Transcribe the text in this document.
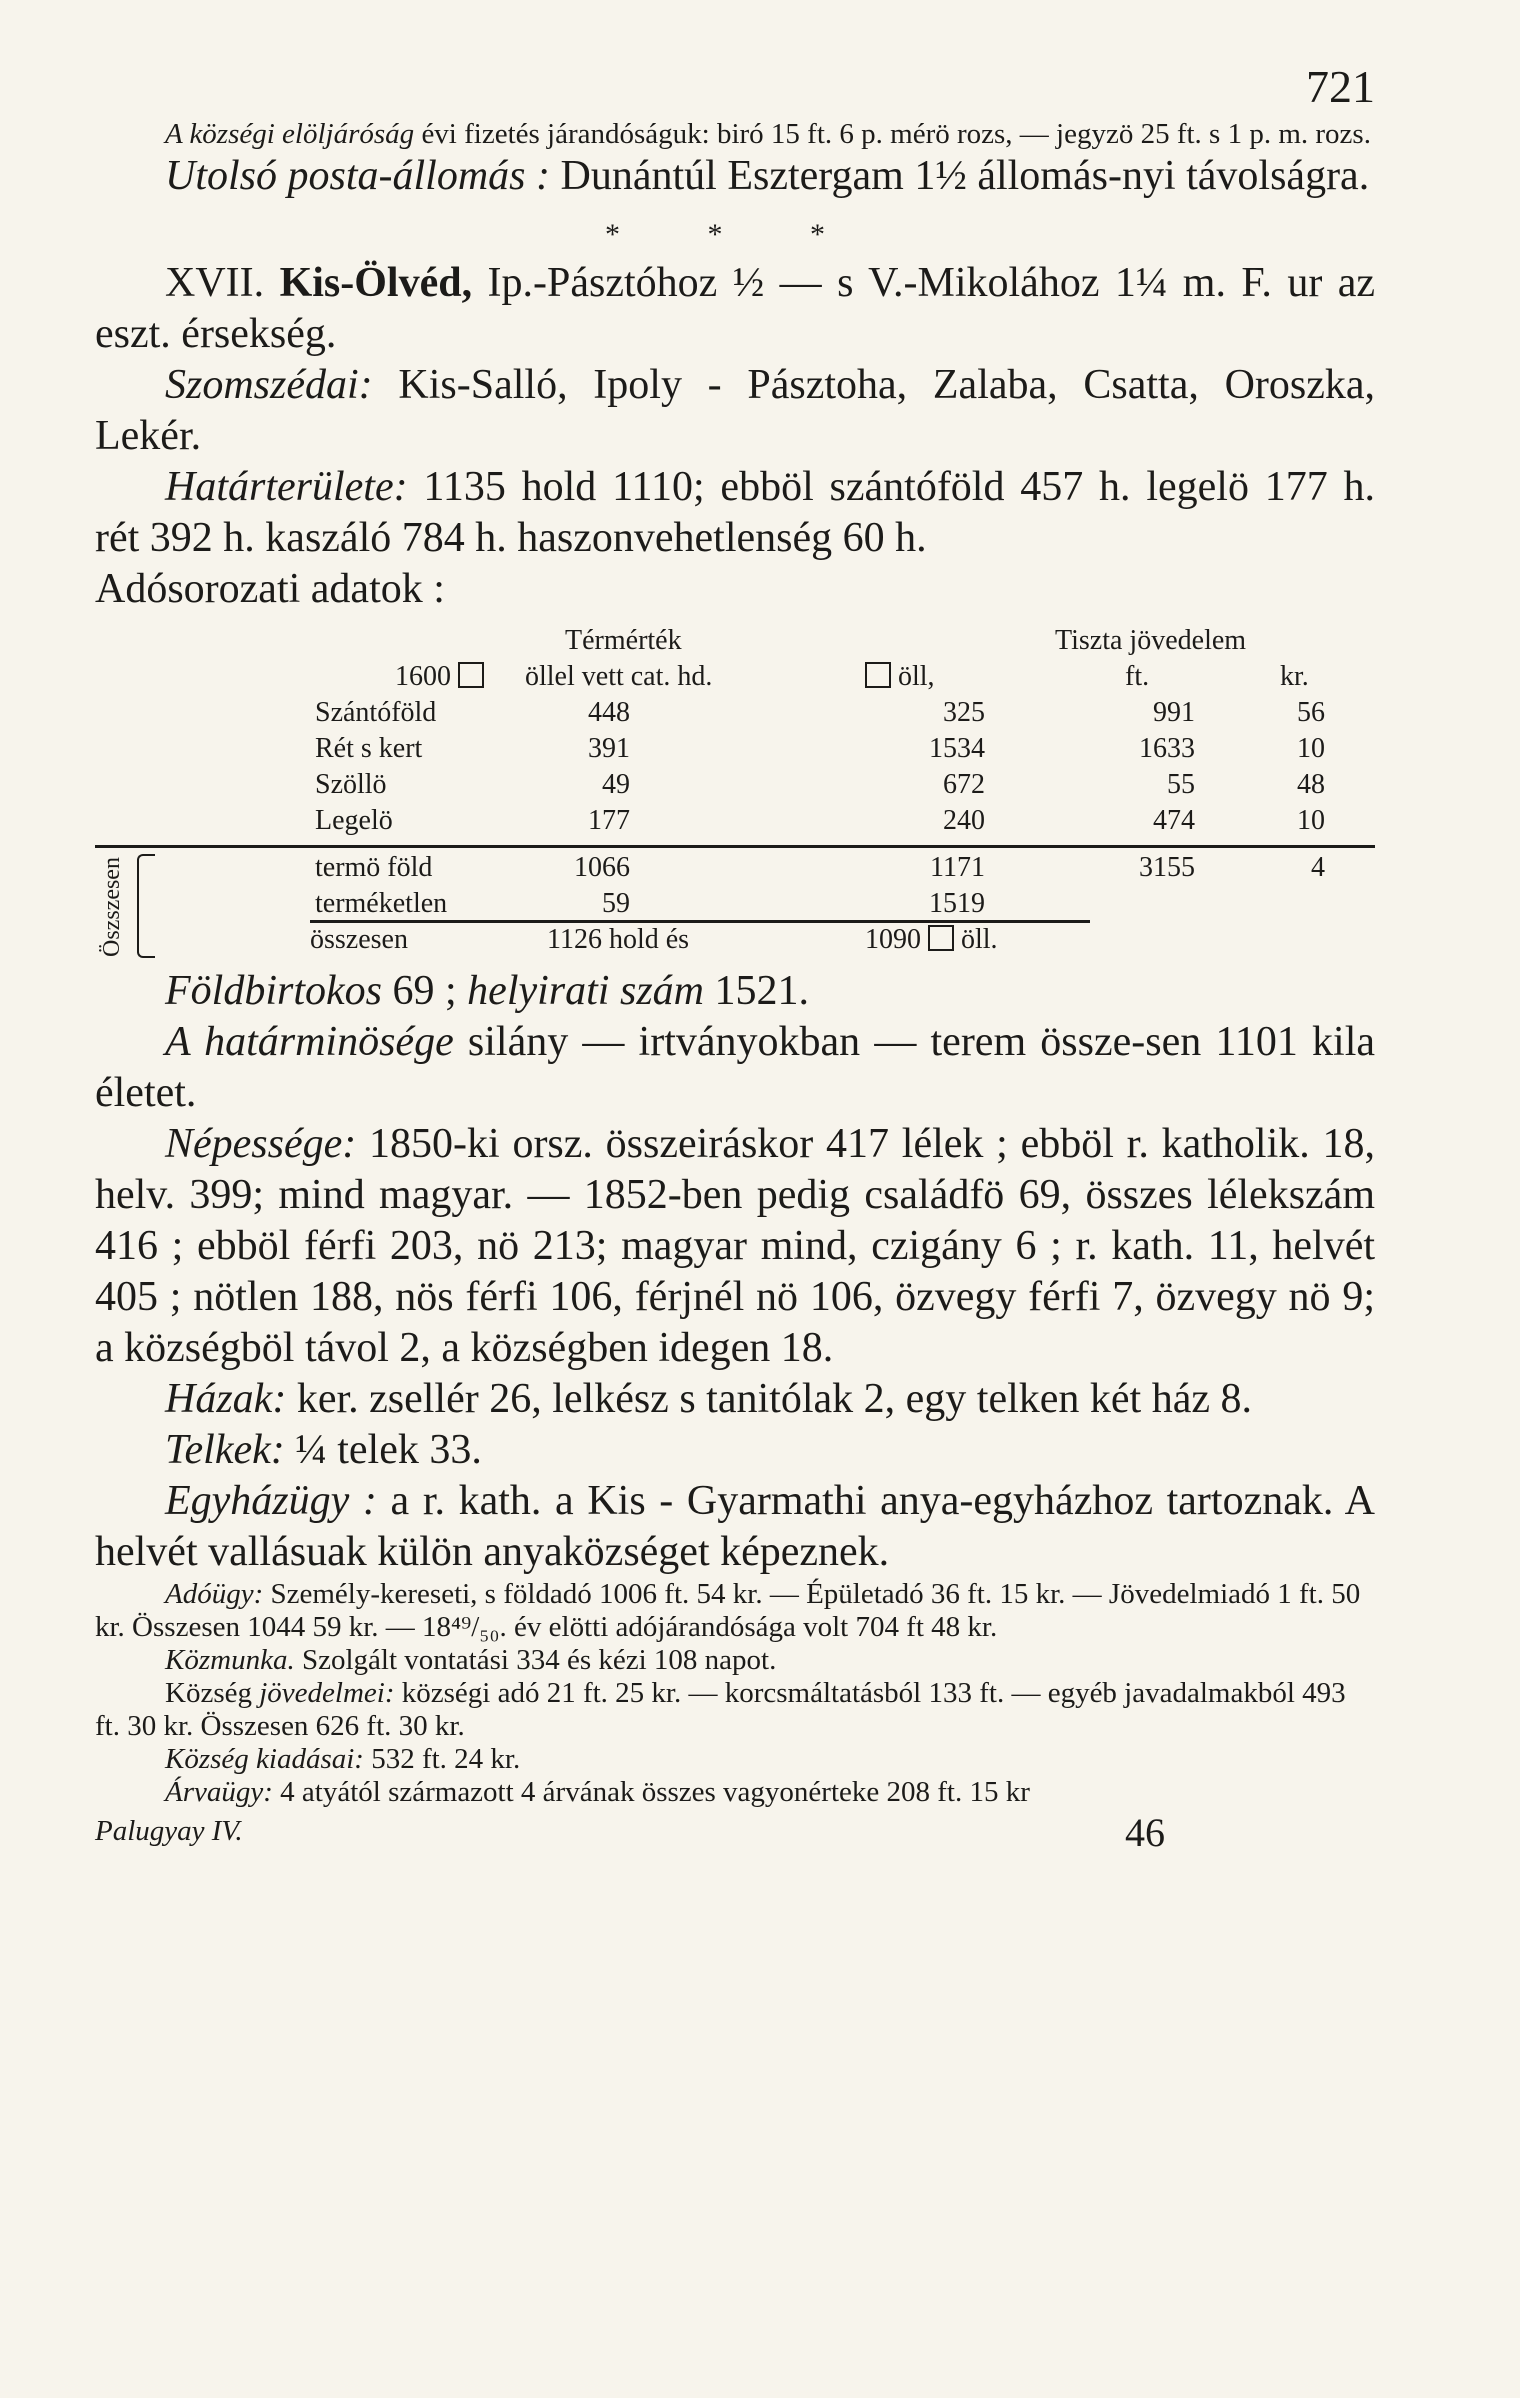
721

A községi elöljáróság évi fizetés járandóságuk: biró 15 ft. 6 p. mérö rozs, — jegyzö 25 ft. s 1 p. m. rozs.

Utolsó posta-állomás : Dunántúl Esztergam 1½ állomás-nyi távolságra.

* * *

XVII. Kis-Ölvéd, Ip.-Pásztóhoz ½ — s V.-Mikolához 1¼ m. F. ur az eszt. érsekség.

Szomszédai: Kis-Salló, Ipoly - Pásztoha, Zalaba, Csatta, Oroszka, Lekér.

Határterülete: 1135 hold 1110; ebböl szántóföld 457 h. legelö 177 h. rét 392 h. kaszáló 784 h. haszonvehetlenség 60 h.

Adósorozati adatok :

Térmérték	Tiszta jövedelem
1600	öllel vett cat. hd.	öll,	ft.	kr.
Szántóföld	448	325	991	56
Rét s kert	391	1534	1633	10
Szöllö	49	672	55	48
Legelö	177	240	474	10
Öszszesen	termö föld	1066	1171	3155	4
terméketlen	59	1519
összesen	1126 hold és	1090 öll.

Földbirtokos 69 ; helyirati szám 1521.

A határminösége silány — irtványokban — terem össze-sen 1101 kila életet.

Népessége: 1850-ki orsz. összeiráskor 417 lélek ; ebböl r. katholik. 18, helv. 399; mind magyar. — 1852-ben pedig családfö 69, összes lélekszám 416 ; ebböl férfi 203, nö 213; magyar mind, czigány 6 ; r. kath. 11, helvét 405 ; nötlen 188, nös férfi 106, férjnél nö 106, özvegy férfi 7, özvegy nö 9; a községböl távol 2, a községben idegen 18.

Házak: ker. zsellér 26, lelkész s tanitólak 2, egy telken két ház 8.

Telkek: ¼ telek 33.

Egyházügy : a r. kath. a Kis - Gyarmathi anya-egyházhoz tartoznak. A helvét vallásuak külön anyaközséget képeznek.

Adóügy: Személy-kereseti, s földadó 1006 ft. 54 kr. — Épületadó 36 ft. 15 kr. — Jövedelmiadó 1 ft. 50 kr. Összesen 1044 59 kr. — 18⁴⁹/₅₀. év elötti adójárandósága volt 704 ft 48 kr.

Közmunka. Szolgált vontatási 334 és kézi 108 napot.

Község jövedelmei: községi adó 21 ft. 25 kr. — korcsmáltatásból 133 ft. — egyéb javadalmakból 493 ft. 30 kr. Összesen 626 ft. 30 kr.

Község kiadásai: 532 ft. 24 kr.

Árvaügy: 4 atyától származott 4 árvának összes vagyonérteke 208 ft. 15 kr

Palugyay IV.	46
